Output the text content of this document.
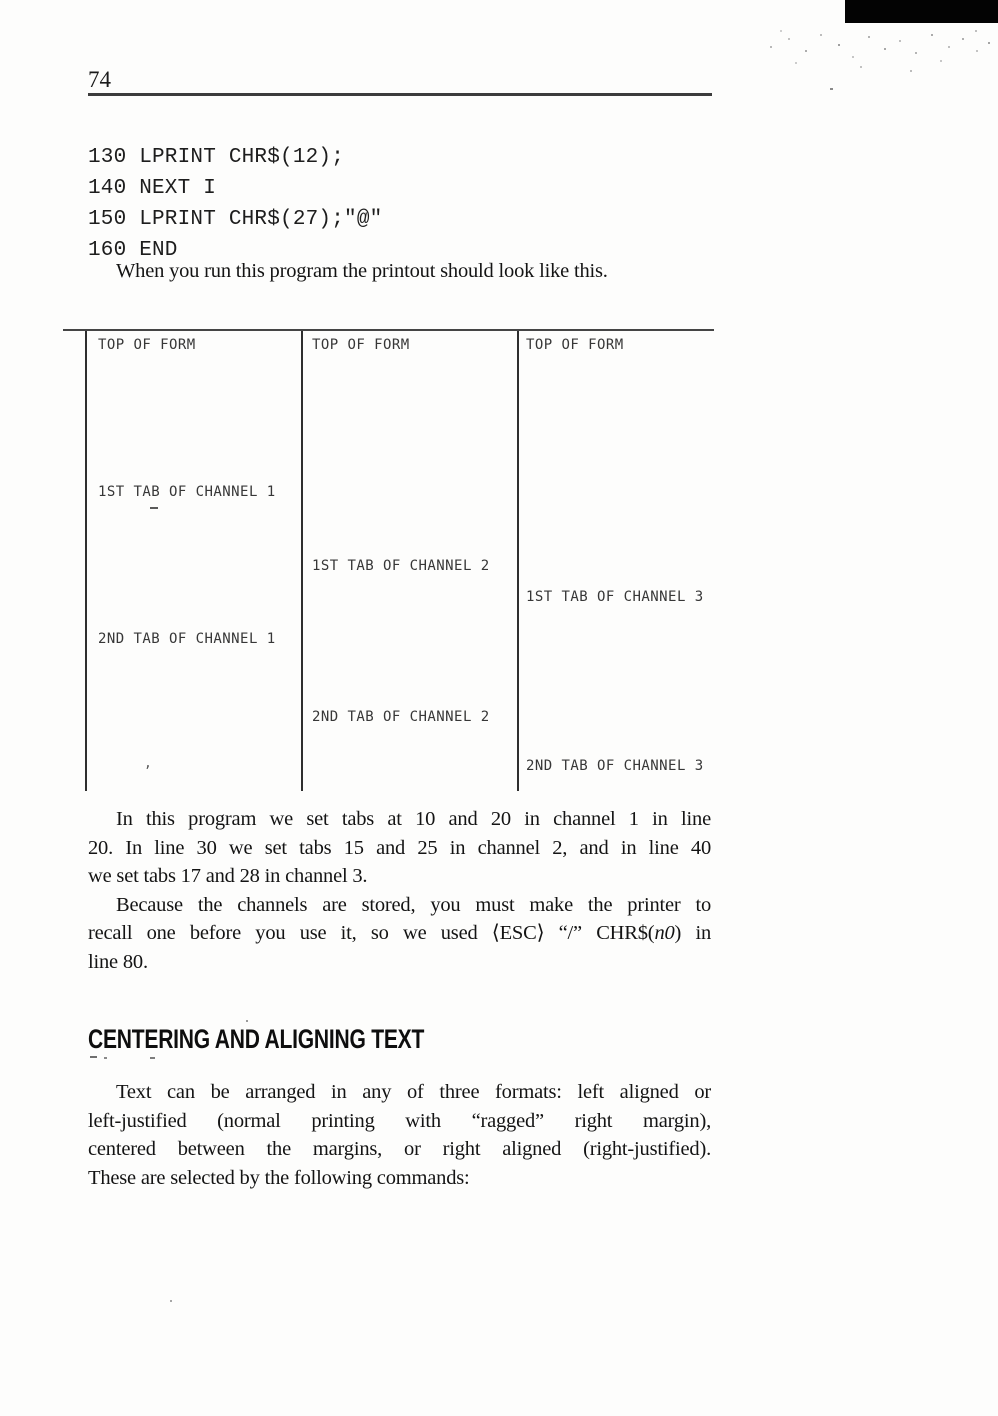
74
130 LPRINT CHR$(12);
140 NEXT I
150 LPRINT CHR$(27);"@"
160 END
When you run this program the printout should look like this.
TOP OF FORM	TOP OF FORM	TOP OF FORM
1ST TAB OF CHANNEL 1
2ND TAB OF CHANNEL 1
1ST TAB OF CHANNEL 2
2ND TAB OF CHANNEL 2
1ST TAB OF CHANNEL 3
2ND TAB OF CHANNEL 3
,
In this program we set tabs at 10 and 20 in channel 1 in line
20. In line 30 we set tabs 15 and 25 in channel 2, and in line 40
we set tabs 17 and 28 in channel 3.
Because the channels are stored, you must make the printer to
recall one before you use it, so we used ⟨ESC⟩ “/” CHR$(n0) in
line 80.
CENTERING AND ALIGNING TEXT
Text can be arranged in any of three formats: left aligned or
left-justified (normal printing with “ragged” right margin),
centered between the margins, or right aligned (right-justified).
These are selected by the following commands:
